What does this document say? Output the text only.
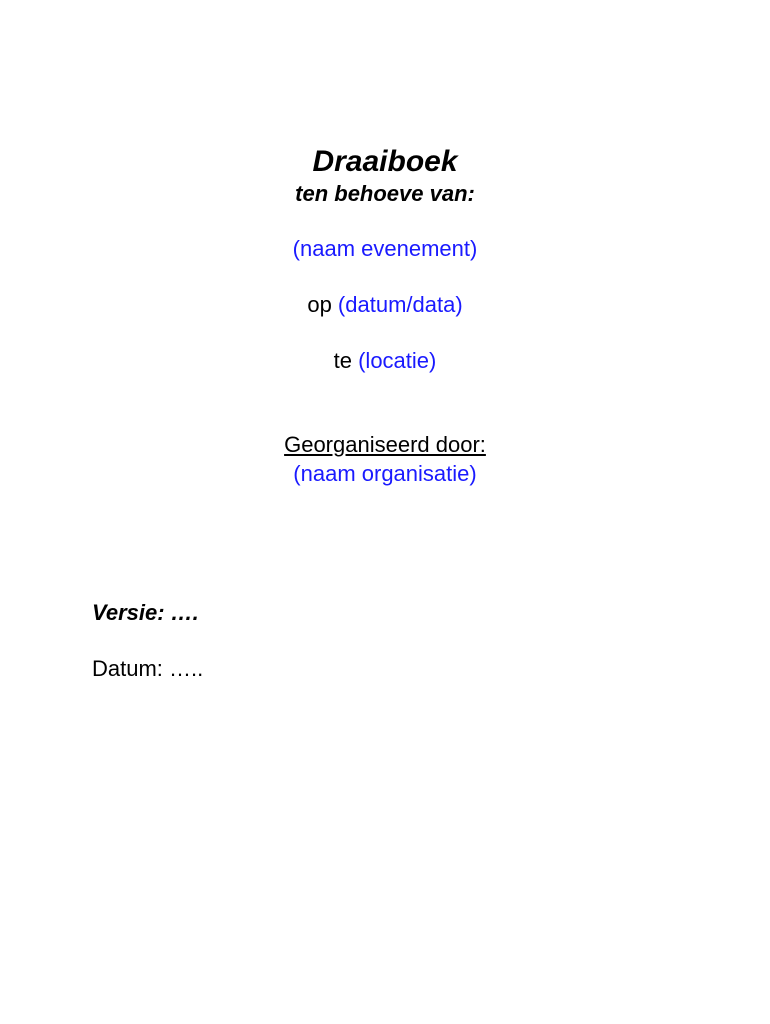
Draaiboek
ten behoeve van:
(naam evenement)
op (datum/data)
te (locatie)
Georganiseerd door:
(naam organisatie)
Versie: ….
Datum: …..
